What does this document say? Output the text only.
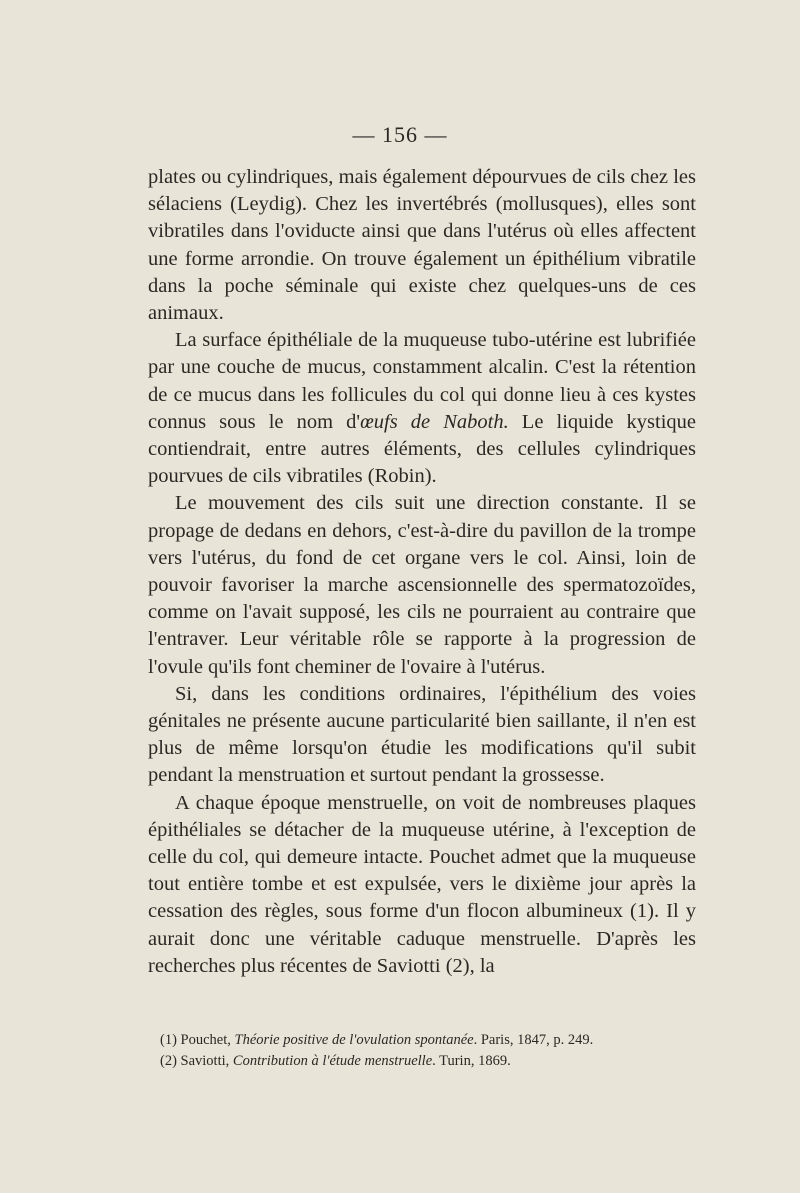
— 156 —

plates ou cylindriques, mais également dépourvues de cils chez les sélaciens (Leydig). Chez les invertébrés (mollusques), elles sont vibratiles dans l'oviducte ainsi que dans l'utérus où elles affectent une forme arrondie. On trouve également un épithélium vibratile dans la poche séminale qui existe chez quelques-uns de ces animaux.

La surface épithéliale de la muqueuse tubo-utérine est lubrifiée par une couche de mucus, constamment alcalin. C'est la rétention de ce mucus dans les follicules du col qui donne lieu à ces kystes connus sous le nom d'œufs de Naboth. Le liquide kystique contiendrait, entre autres éléments, des cellules cylindriques pourvues de cils vibratiles (Robin).

Le mouvement des cils suit une direction constante. Il se propage de dedans en dehors, c'est-à-dire du pavillon de la trompe vers l'utérus, du fond de cet organe vers le col. Ainsi, loin de pouvoir favoriser la marche ascensionnelle des spermatozoïdes, comme on l'avait supposé, les cils ne pourraient au contraire que l'entraver. Leur véritable rôle se rapporte à la progression de l'ovule qu'ils font cheminer de l'ovaire à l'utérus.

Si, dans les conditions ordinaires, l'épithélium des voies génitales ne présente aucune particularité bien saillante, il n'en est plus de même lorsqu'on étudie les modifications qu'il subit pendant la menstruation et surtout pendant la grossesse.

A chaque époque menstruelle, on voit de nombreuses plaques épithéliales se détacher de la muqueuse utérine, à l'exception de celle du col, qui demeure intacte. Pouchet admet que la muqueuse tout entière tombe et est expulsée, vers le dixième jour après la cessation des règles, sous forme d'un flocon albumineux (1). Il y aurait donc une véritable caduque menstruelle. D'après les recherches plus récentes de Saviotti (2), la

(1) Pouchet, Théorie positive de l'ovulation spontanée. Paris, 1847, p. 249.

(2) Saviotti, Contribution à l'étude menstruelle. Turin, 1869.
